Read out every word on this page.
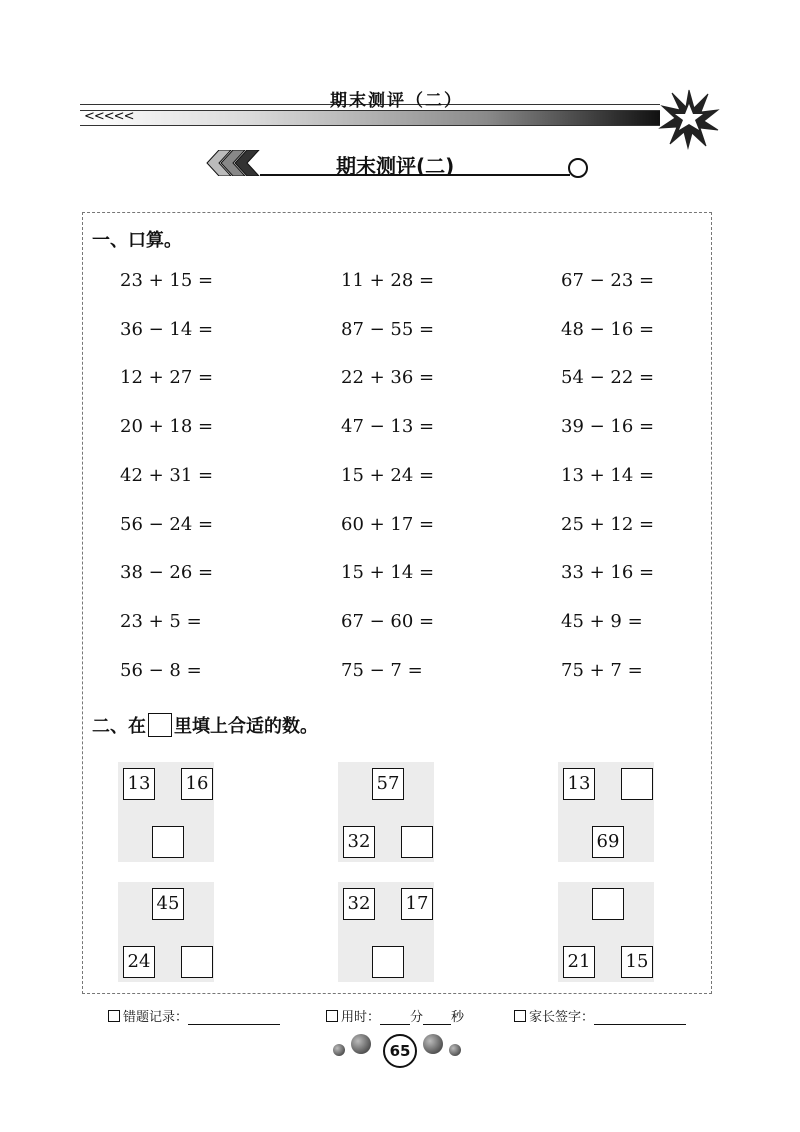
<<<<<
期末测评（二）
期末测评(二)
一、口算。
23 + 15 =	11 + 28 =	67 − 23 =
36 − 14 =	87 − 55 =	48 − 16 =
12 + 27 =	22 + 36 =	54 − 22 =
20 + 18 =	47 − 13 =	39 − 16 =
42 + 31 =	15 + 24 =	13 + 14 =
56 − 24 =	60 + 17 =	25 + 12 =
38 − 26 =	15 + 14 =	33 + 16 =
23 + 5 =	67 − 60 =	45 + 9 =
56 − 8 =	75 − 7 =	75 + 7 =
二、在 里填上合适的数。
13 16	57
32
13
69
45
24
32 17
21 15
错题记录：	用时： 分 秒	家长签字：
65
